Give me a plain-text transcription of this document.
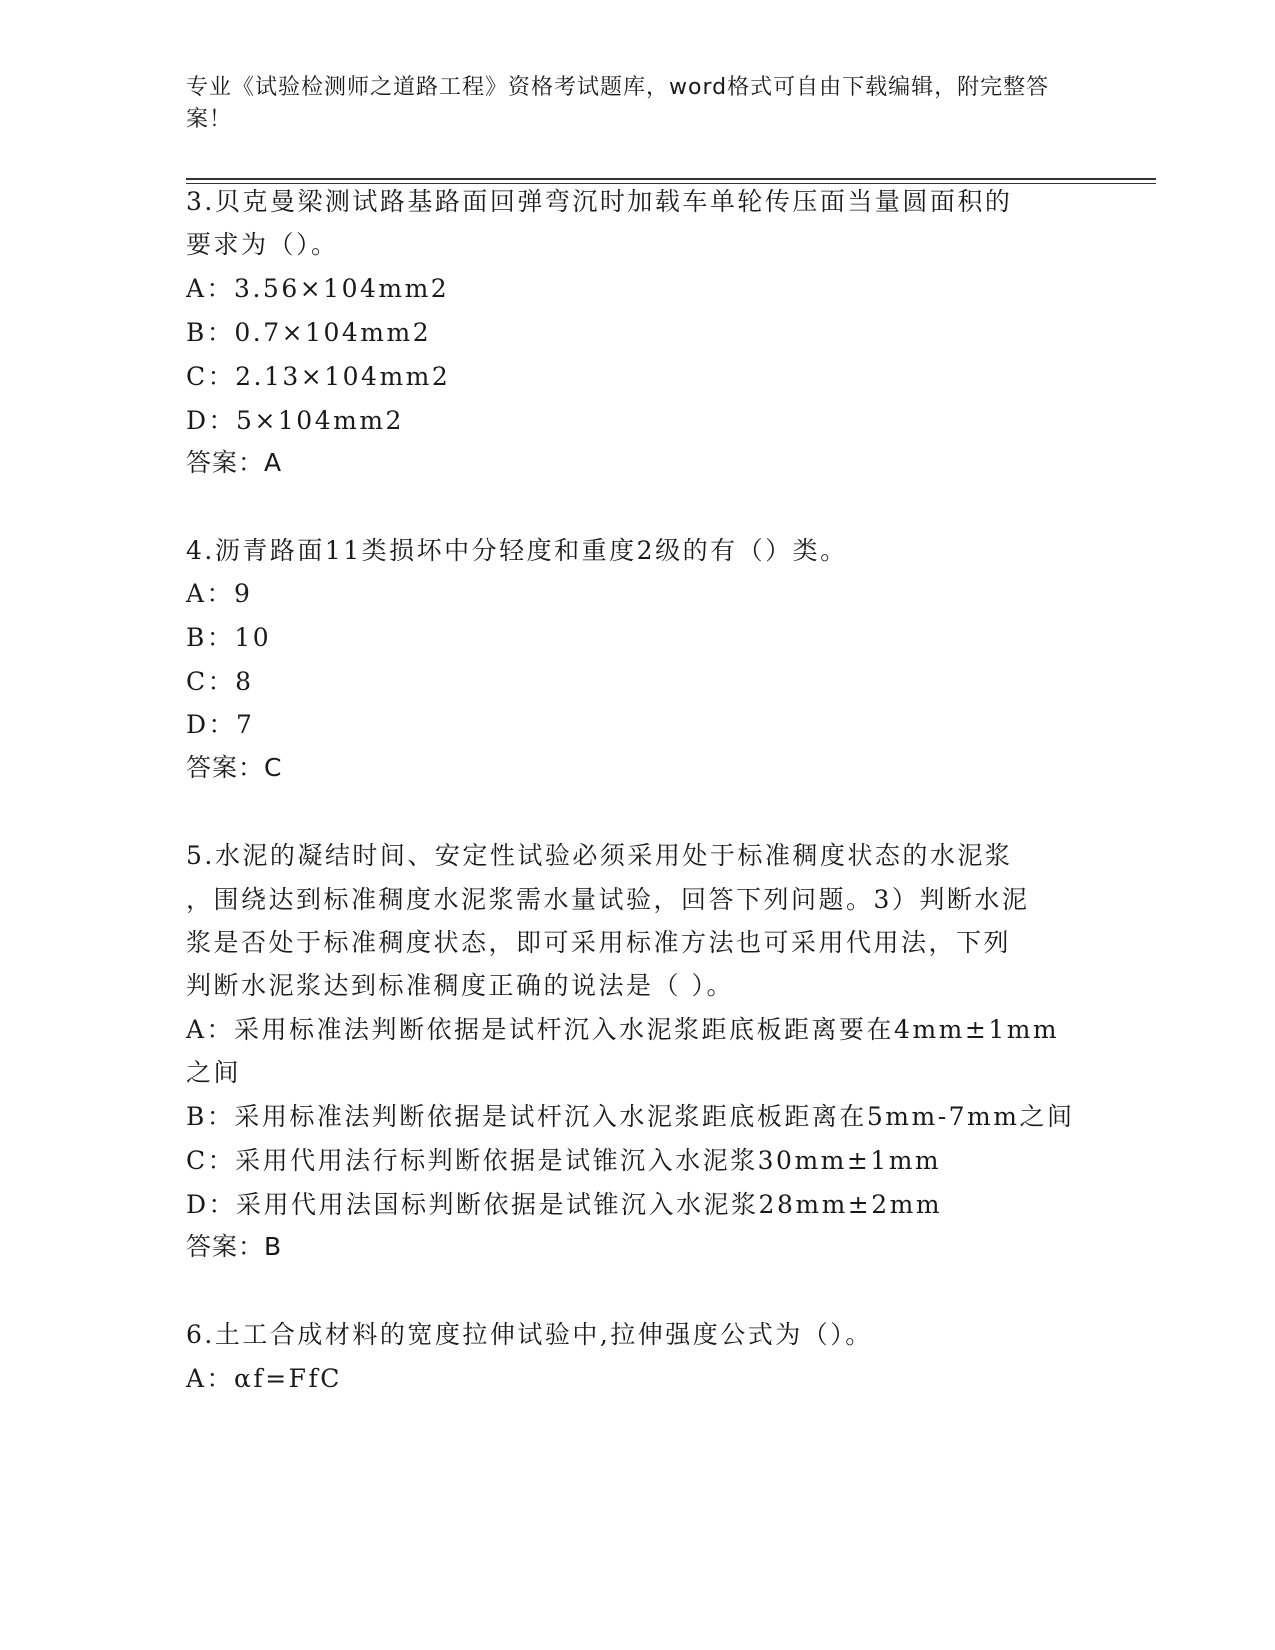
专业《试验检测师之道路工程》资格考试题库，word格式可自由下载编辑，附完整答案！
3.贝克曼梁测试路基路面回弹弯沉时加载车单轮传压面当量圆面积的
要求为（）。
A：3.56×104mm2
B：0.7×104mm2
C：2.13×104mm2
D：5×104mm2
答案：A
4.沥青路面11类损坏中分轻度和重度2级的有（）类。
A：9
B：10
C：8
D：7
答案：C
5.水泥的凝结时间、安定性试验必须采用处于标准稠度状态的水泥浆
，围绕达到标准稠度水泥浆需水量试验，回答下列问题。3）判断水泥
浆是否处于标准稠度状态，即可采用标准方法也可采用代用法，下列
判断水泥浆达到标准稠度正确的说法是（ ）。
A：采用标准法判断依据是试杆沉入水泥浆距底板距离要在4mm±1mm
之间
B：采用标准法判断依据是试杆沉入水泥浆距底板距离在5mm-7mm之间
C：采用代用法行标判断依据是试锥沉入水泥浆30mm±1mm
D：采用代用法国标判断依据是试锥沉入水泥浆28mm±2mm
答案：B
6.土工合成材料的宽度拉伸试验中,拉伸强度公式为（）。
A：αf=FfC
